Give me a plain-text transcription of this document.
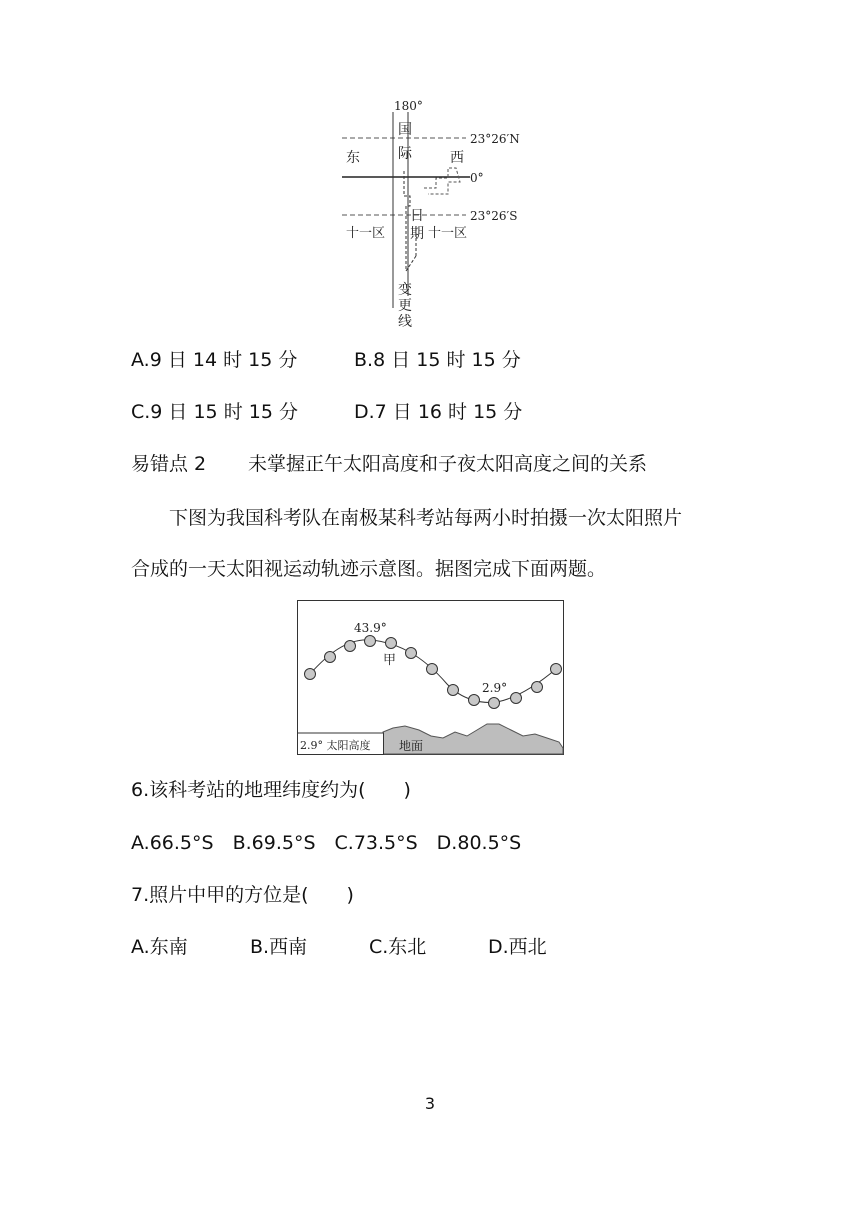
180°
国
际
东	西
23°26′N
0°
23°26′S
日
期
十一区	十一区
变
更
线
A.9 日 14 时 15 分	B.8 日 15 时 15 分
C.9 日 15 时 15 分	D.7 日 16 时 15 分
易错点 2 未掌握正午太阳高度和子夜太阳高度之间的关系
下图为我国科考队在南极某科考站每两小时拍摄一次太阳照片
合成的一天太阳视运动轨迹示意图。据图完成下面两题。
2.9° 太阳高度 地面
43.9°
甲
2.9°
6.该科考站的地理纬度约为(　　)
A.66.5°S　B.69.5°S　C.73.5°S　D.80.5°S
7.照片中甲的方位是(　　)
A.东南	B.西南	C.东北	D.西北
3
